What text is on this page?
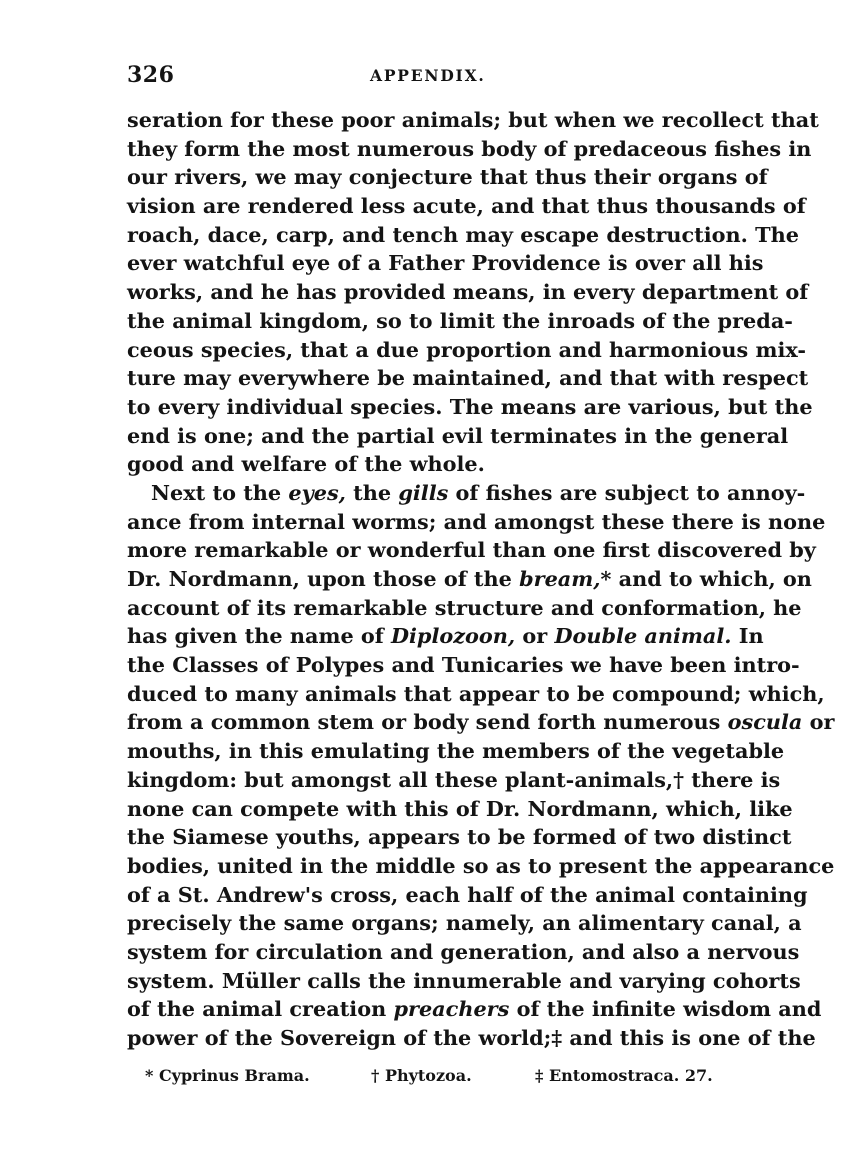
326	APPENDIX.
seration for these poor animals; but when we recollect that
they form the most numerous body of predaceous fishes in
our rivers, we may conjecture that thus their organs of
vision are rendered less acute, and that thus thousands of
roach, dace, carp, and tench may escape destruction. The
ever watchful eye of a Father Providence is over all his
works, and he has provided means, in every department of
the animal kingdom, so to limit the inroads of the preda-
ceous species, that a due proportion and harmonious mix-
ture may everywhere be maintained, and that with respect
to every individual species. The means are various, but the
end is one; and the partial evil terminates in the general
good and welfare of the whole.
Next to the eyes, the gills of fishes are subject to annoy-
ance from internal worms; and amongst these there is none
more remarkable or wonderful than one first discovered by
Dr. Nordmann, upon those of the bream,* and to which, on
account of its remarkable structure and conformation, he
has given the name of Diplozoon, or Double animal. In
the Classes of Polypes and Tunicaries we have been intro-
duced to many animals that appear to be compound; which,
from a common stem or body send forth numerous oscula or
mouths, in this emulating the members of the vegetable
kingdom: but amongst all these plant-animals,† there is
none can compete with this of Dr. Nordmann, which, like
the Siamese youths, appears to be formed of two distinct
bodies, united in the middle so as to present the appearance
of a St. Andrew's cross, each half of the animal containing
precisely the same organs; namely, an alimentary canal, a
system for circulation and generation, and also a nervous
system. Müller calls the innumerable and varying cohorts
of the animal creation preachers of the infinite wisdom and
power of the Sovereign of the world;‡ and this is one of the
* Cyprinus Brama.	† Phytozoa.	‡ Entomostraca. 27.
